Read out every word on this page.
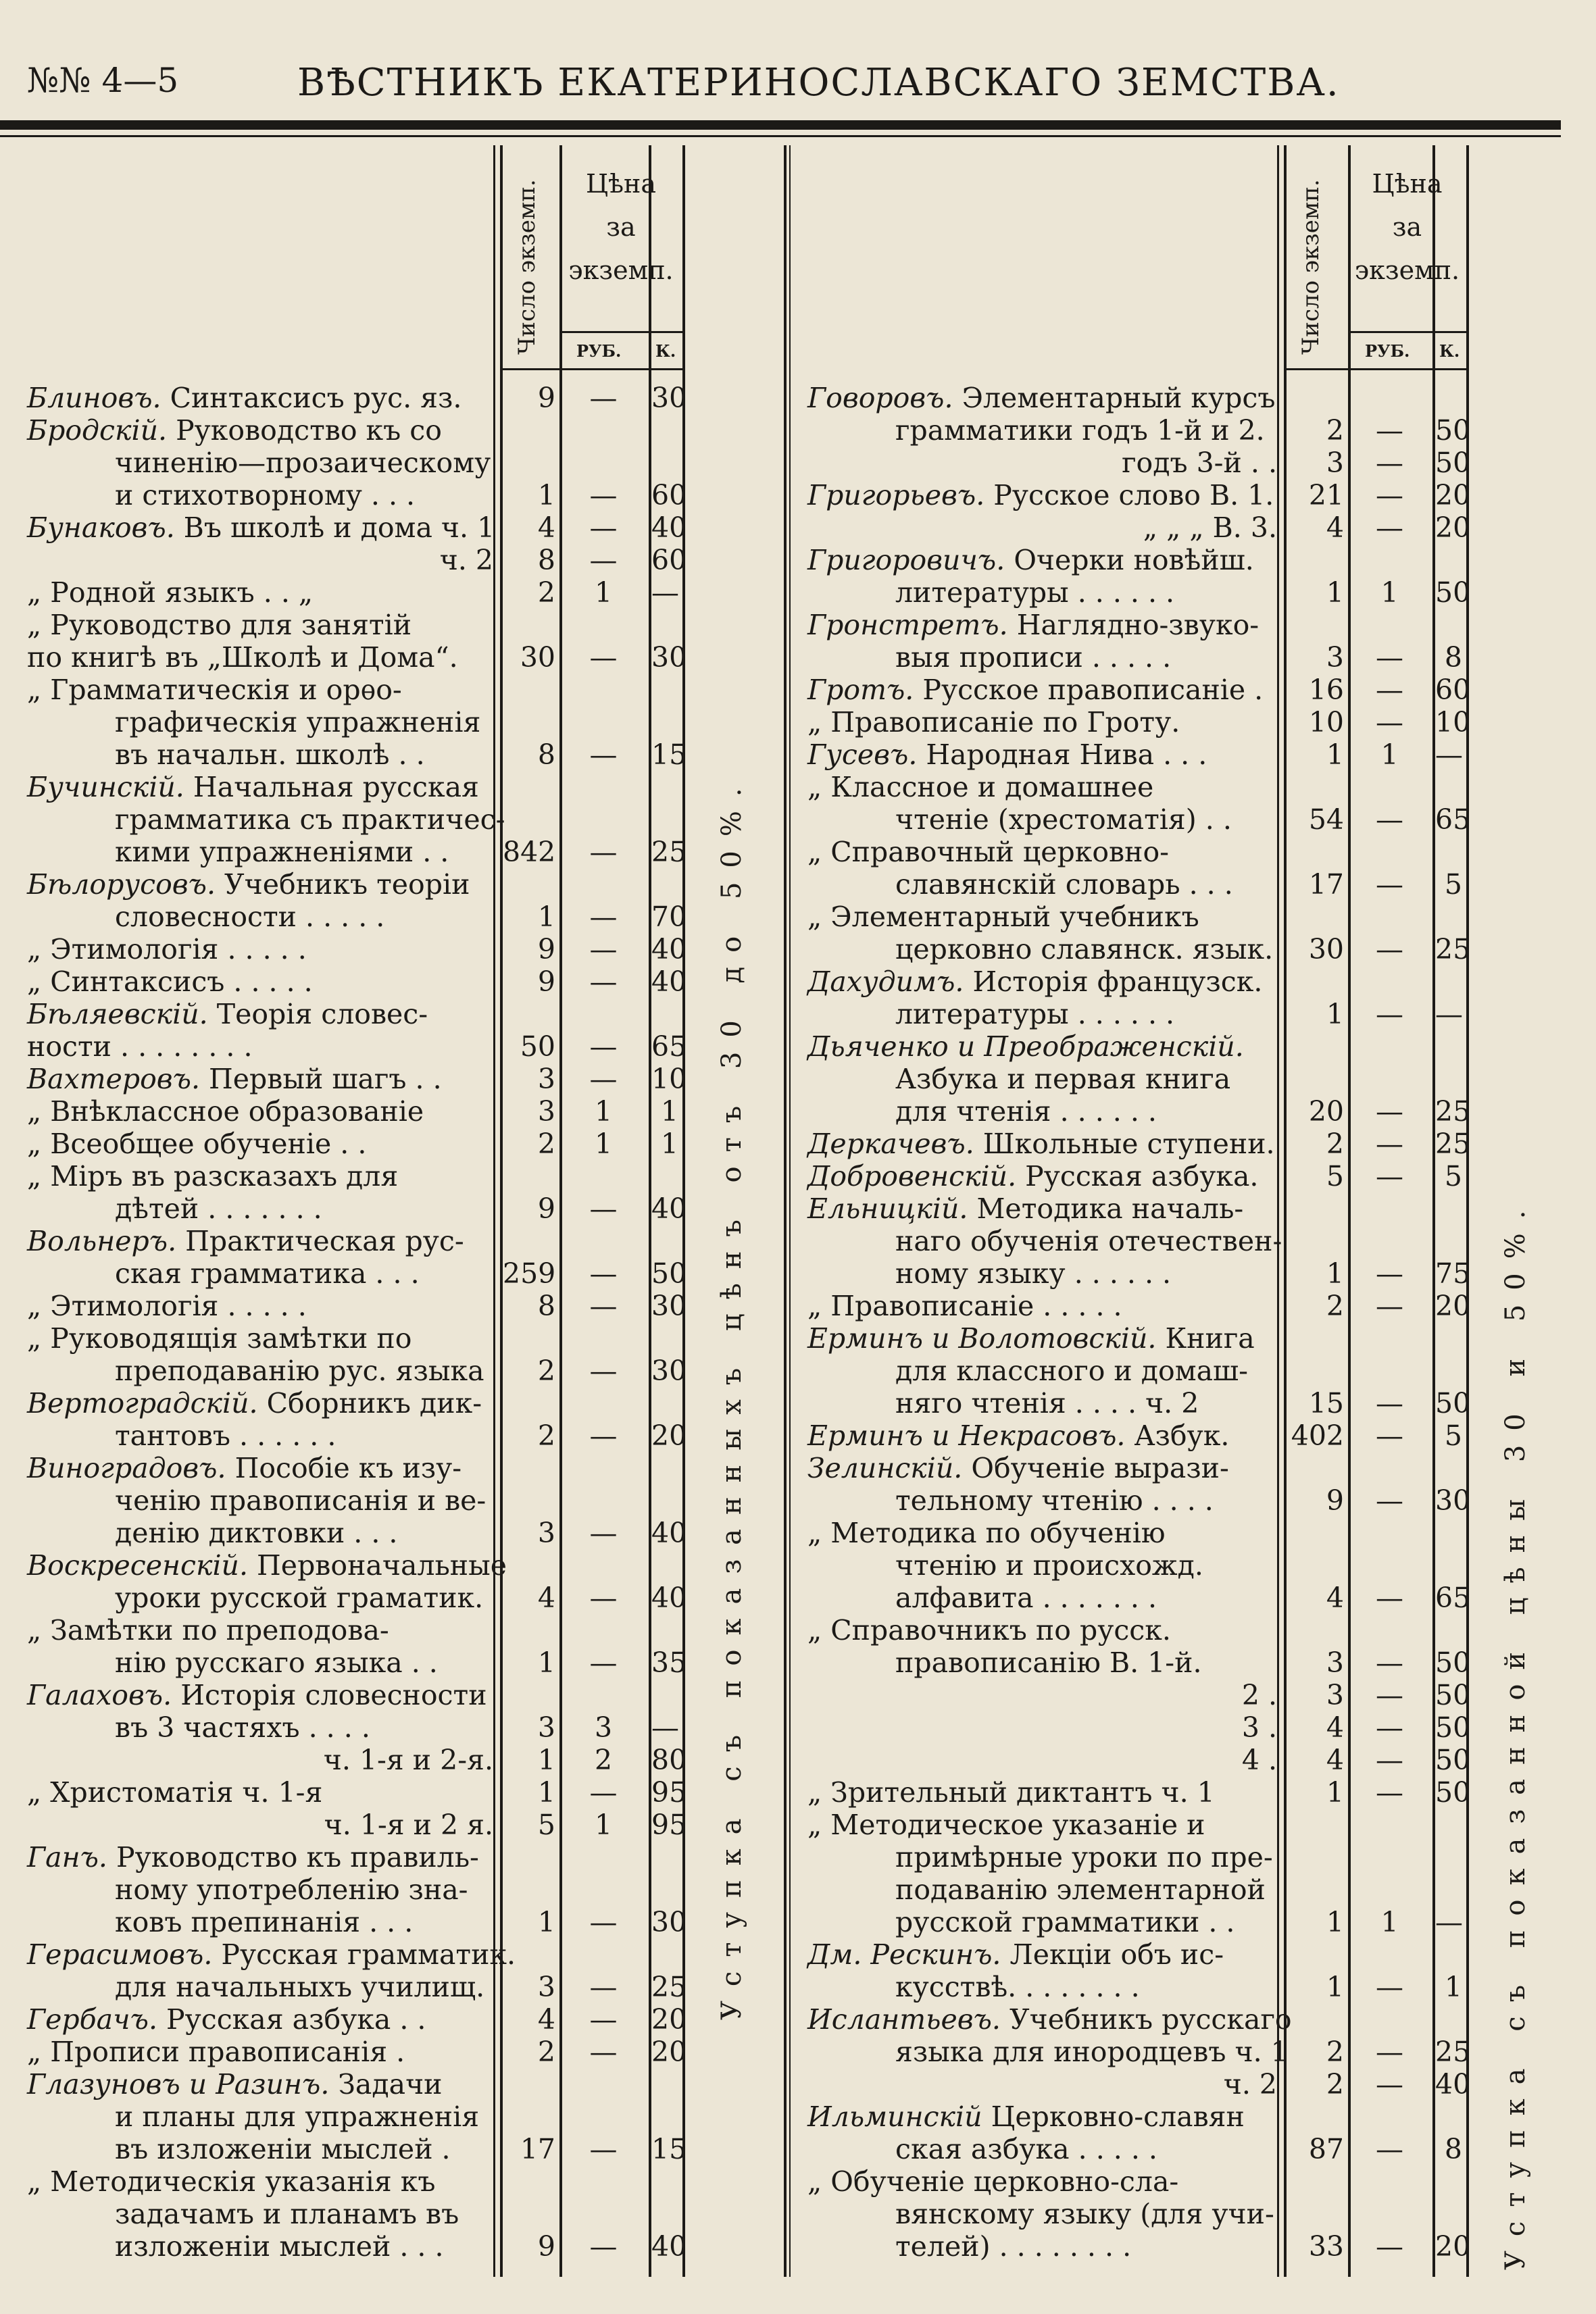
№№ 4—5	ВѢСТНИКЪ ЕКАТЕРИНОСЛАВСКАГО ЗЕМСТВА.
Число экземп.	Цѣна
за
экземп.
РУБ. К.
Уступка съ показанныхъ цѣнъ отъ 30 до 50%.
Блиновъ. Синтаксисъ рус. яз.	9	—	30
Бродскій. Руководство къ со
чиненію—прозаическому
и стихотворному . . .	1	—	60
Бунаковъ. Въ школѣ и дома ч. 1	4	—	40
ч. 2	8	—	60
„ Родной языкъ . . „	2	1	—
„ Руководство для занятій
по книгѣ въ „Школѣ и Дома“.	30	—	30
„ Грамматическія и орѳо-
графическія упражненія
въ начальн. школѣ . .	8	—	15
Бучинскій. Начальная русская
грамматика съ практичес-
кими упражненіями . . 842	—	25
Бѣлорусовъ. Учебникъ теоріи
словесности . . . . .	1	—	70
„ Этимологія . . . . .	9	—	40
„ Синтаксисъ . . . . .	9	—	40
Бѣляевскій. Теорія словес-
ности . . . . . . . .	50	—	65
Вахтеровъ. Первый шагъ . .	3	—	10
„ Внѣклассное образованіе	3	1	1
„ Всеобщее обученіе . .	2	1	1
„ Міръ въ разсказахъ для
дѣтей . . . . . . .	9	—	40
Вольнеръ. Практическая рус-
ская грамматика . . .	259	—	50
„ Этимологія . . . . .	8	—	30
„ Руководящія замѣтки по
преподаванію рус. языка	2	—	30
Вертоградскій. Сборникъ дик-
тантовъ . . . . . .	2	—	20
Виноградовъ. Пособіе къ изу-
ченію правописанія и ве-
денію диктовки . . .	3	—	40
Воскресенскій. Первоначальные
уроки русской граматик.	4	—	40
„ Замѣтки по преподова-
нію русскаго языка . .	1	—	35
Галаховъ. Исторія словесности
въ 3 частяхъ . . . .	3	3	—
ч. 1-я и 2-я.	1	2	80
„ Христоматія ч. 1-я	1	—	95
ч. 1-я и 2 я.	5	1	95
Ганъ. Руководство къ правиль-
ному употребленію зна-
ковъ препинанія . . .	1	—	30
Герасимовъ. Русская грамматик.
для начальныхъ училищ.	3	—	25
Гербачъ. Русская азбука . .	4	—	20
„ Прописи правописанія .	2	—	20
Глазуновъ и Разинъ. Задачи
и планы для упражненія
въ изложеніи мыслей .	17	—	15
„ Методическія указанія къ
задачамъ и планамъ въ
изложеніи мыслей . . .	9	—	40
Число экземп.	Цѣна
за
экземп.
РУБ. К.
Уступка съ показанной цѣны 30 и 50%.
Говоровъ. Элементарный курсъ
грамматики годъ 1-й и 2.	2	—	50
годъ 3-й . .	3	—	50
Григорьевъ. Русское слово В. 1.	21	—	20
„ „ „ В. 3.	4	—	20
Григоровичъ. Очерки новѣйш.
литературы . . . . . .	1	1	50
Гронстретъ. Наглядно-звуко-
выя прописи . . . . .	3	—	8
Гротъ. Русское правописаніе .	16	—	60
„ Правописаніе по Гроту.	10	—	10
Гусевъ. Народная Нива . . .	1	1	—
„ Классное и домашнее
чтеніе (хрестоматія) . .	54	—	65
„ Справочный церковно-
славянскій словарь . . .	17	—	5
„ Элементарный учебникъ
церковно славянск. язык.	30	—	25
Дахудимъ. Исторія французск.
литературы . . . . . .	1	—	—
Дьяченко и Преображенскій.
Азбука и первая книга
для чтенія . . . . . .	20	—	25
Деркачевъ. Школьные ступени.	2	—	25
Добровенскій. Русская азбука.	5	—	5
Ельницкій. Методика началь-
наго обученія отечествен-
ному языку . . . . . .	1	—	75
„ Правописаніе . . . . .	2	—	20
Ерминъ и Волотовскій. Книга
для классного и домаш-
няго чтенія . . . . ч. 2	15	—	50
Ерминъ и Некрасовъ. Азбук. 402	—	5
Зелинскій. Обученіе вырази-
тельному чтенію . . . .	9	—	30
„ Методика по обученію
чтенію и происхожд.
алфавита . . . . . . .	4	—	65
„ Справочникъ по русск.
правописанію В. 1-й.	3	—	50
2 .	3	—	50
3 .	4	—	50
4 .	4	—	50
„ Зрительный диктантъ ч. 1	1	—	50
„ Методическое указаніе и
примѣрные уроки по пре-
подаванію элементарной
русской грамматики . .	1	1	—
Дм. Рескинъ. Лекціи объ ис-
кусствѣ. . . . . . . .	1	—	1
Ислантьевъ. Учебникъ русскаго
языка для инородцевъ ч. 1	2	—	25
ч. 2	2	—	40
Ильминскій Церковно-славян
ская азбука . . . . .	87	—	8
„ Обученіе церковно-сла-
вянскому языку (для учи-
телей) . . . . . . . .	33	—	20
